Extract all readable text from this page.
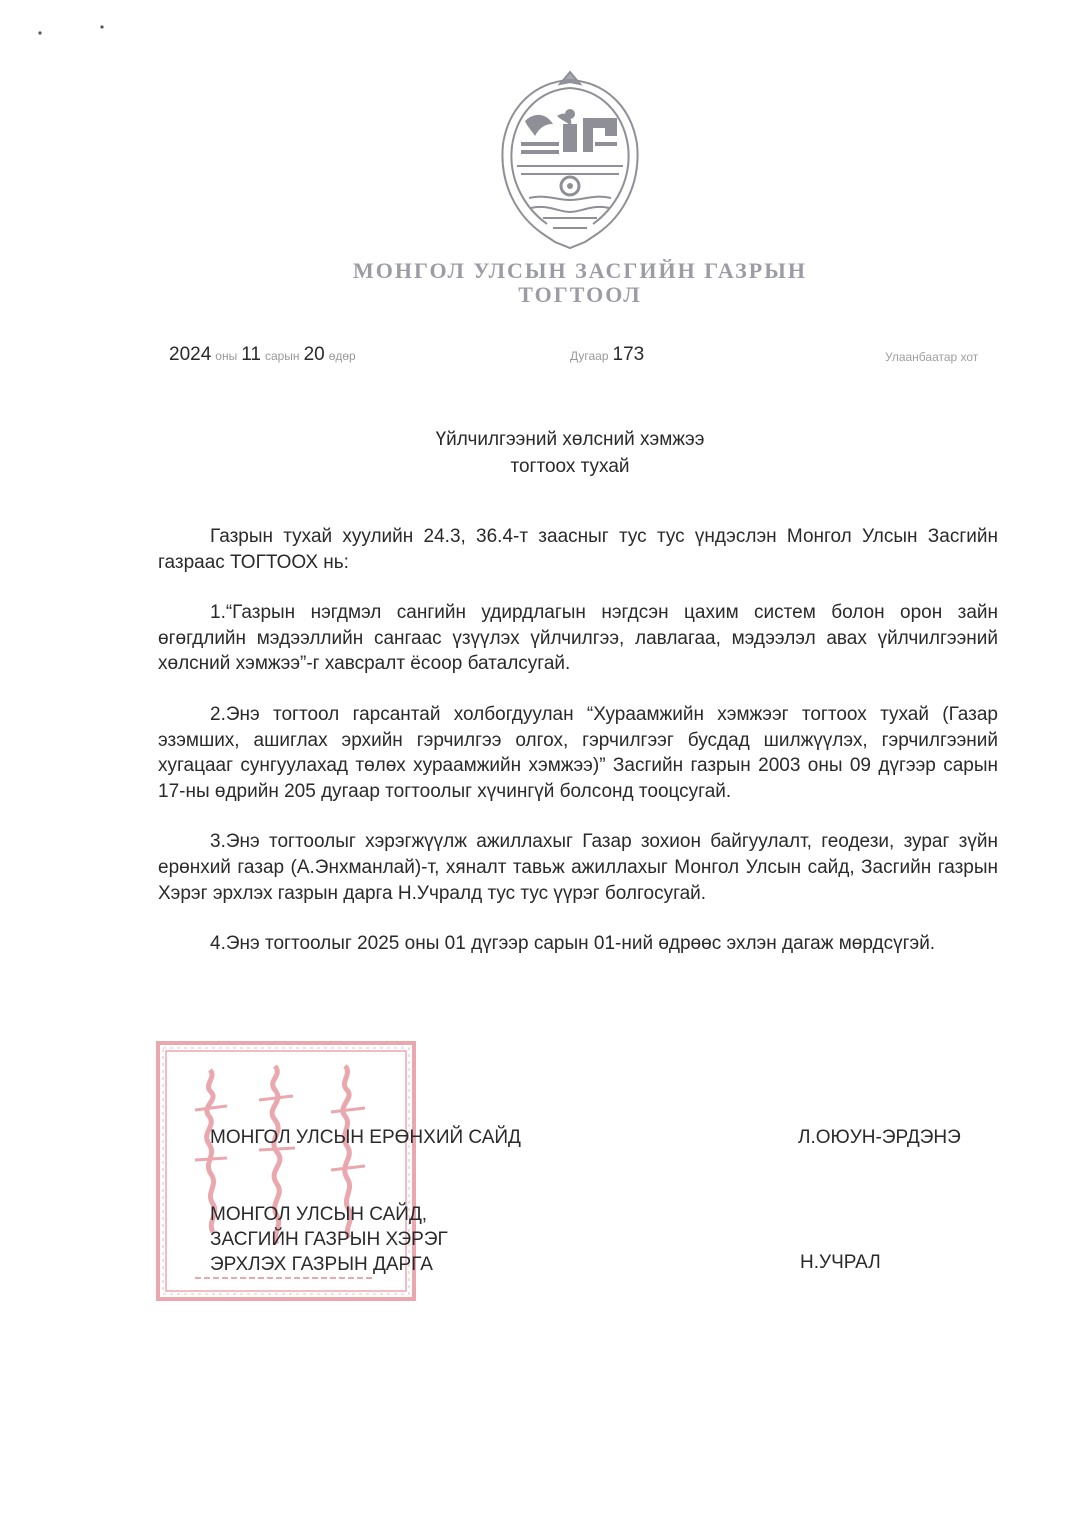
МОНГОЛ УЛСЫН ЗАСГИЙН ГАЗРЫН
ТОГТООЛ
2024 оны 11 сарын 20 өдөр	Дугаар 173	Улаанбаатар хот
Үйлчилгээний хөлсний хэмжээ
тогтоох тухай

Газрын тухай хуулийн 24.3, 36.4-т заасныг тус тус үндэслэн Монгол Улсын Засгийн газраас ТОГТООХ нь:

1.“Газрын нэгдмэл сангийн удирдлагын нэгдсэн цахим систем болон орон зайн өгөгдлийн мэдээллийн сангаас үзүүлэх үйлчилгээ, лавлагаа, мэдээлэл авах үйлчилгээний хөлсний хэмжээ”-г хавсралт ёсоор баталсугай.

2.Энэ тогтоол гарсантай холбогдуулан “Хураамжийн хэмжээг тогтоох тухай (Газар эзэмших, ашиглах эрхийн гэрчилгээ олгох, гэрчилгээг бусдад шилжүүлэх, гэрчилгээний хугацааг сунгуулахад төлөх хураамжийн хэмжээ)” Засгийн газрын 2003 оны 09 дүгээр сарын 17-ны өдрийн 205 дугаар тогтоолыг хүчингүй болсонд тооцсугай.

3.Энэ тогтоолыг хэрэгжүүлж ажиллахыг Газар зохион байгуулалт, геодези, зураг зүйн ерөнхий газар (А.Энхманлай)-т, хяналт тавьж ажиллахыг Монгол Улсын сайд, Засгийн газрын Хэрэг эрхлэх газрын дарга Н.Учралд тус тус үүрэг болгосугай.

4.Энэ тогтоолыг 2025 оны 01 дүгээр сарын 01-ний өдрөөс эхлэн дагаж мөрдсүгэй.

МОНГОЛ УЛСЫН ЕРӨНХИЙ САЙД	Л.ОЮУН-ЭРДЭНЭ
МОНГОЛ УЛСЫН САЙД,
ЗАСГИЙН ГАЗРЫН ХЭРЭГ
ЭРХЛЭХ ГАЗРЫН ДАРГА	Н.УЧРАЛ
